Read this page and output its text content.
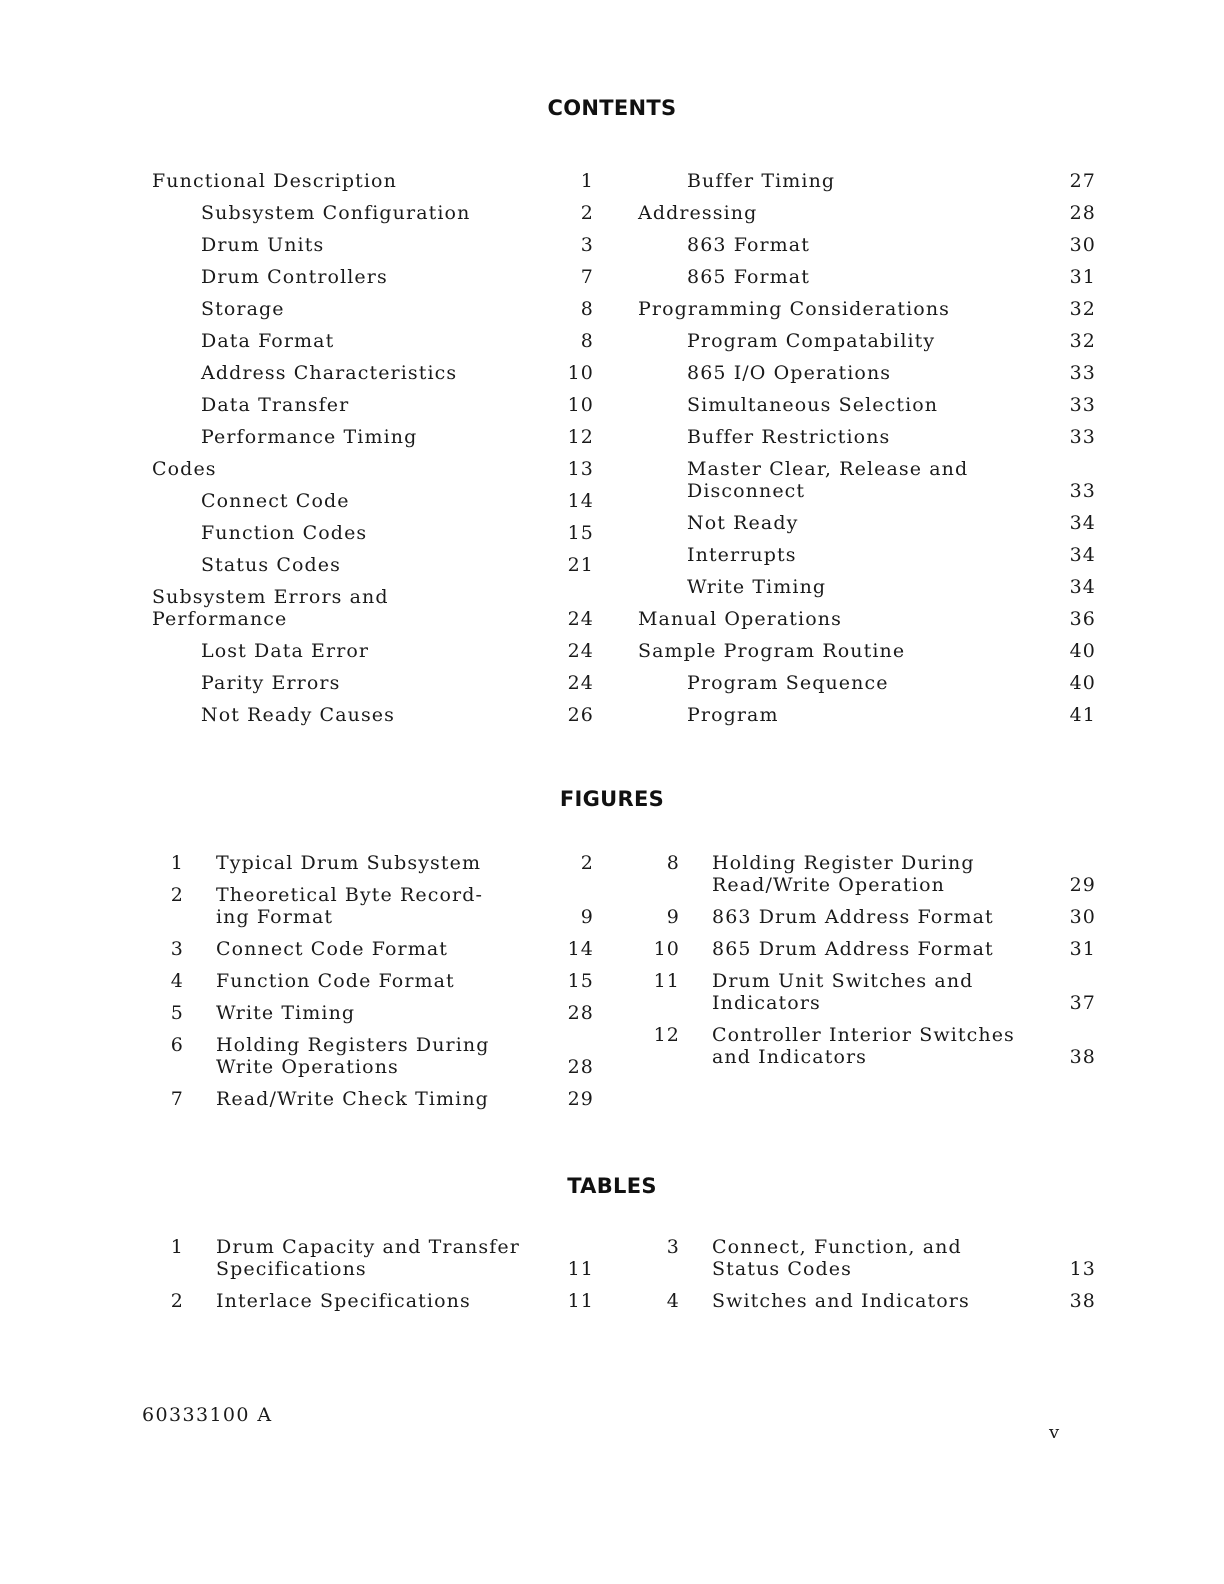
CONTENTS
Functional Description	1
Subsystem Configuration	2
Drum Units	3
Drum Controllers	7
Storage	8
Data Format	8
Address Characteristics	10
Data Transfer	10
Performance Timing	12
Codes	13
Connect Code	14
Function Codes	15
Status Codes	21
Subsystem Errors and
Performance	24
Lost Data Error	24
Parity Errors	24
Not Ready Causes	26
Buffer Timing	27
Addressing	28
863 Format	30
865 Format	31
Programming Considerations	32
Program Compatability	32
865 I/O Operations	33
Simultaneous Selection	33
Buffer Restrictions	33
Master Clear, Release and
Disconnect	33
Not Ready	34
Interrupts	34
Write Timing	34
Manual Operations	36
Sample Program Routine	40
Program Sequence	40
Program	41
FIGURES
1 Typical Drum Subsystem	2
2 Theoretical Byte Record-
ing Format	9
3 Connect Code Format	14
4 Function Code Format	15
5 Write Timing	28
6 Holding Registers During
Write Operations	28
7 Read/Write Check Timing	29
8 Holding Register During
Read/Write Operation	29
9 863 Drum Address Format	30
10 865 Drum Address Format	31
11 Drum Unit Switches and
Indicators	37
12 Controller Interior Switches
and Indicators	38
TABLES
1 Drum Capacity and Transfer
Specifications	11
2 Interlace Specifications	11
3 Connect, Function, and
Status Codes	13
4 Switches and Indicators	38
60333100 A
v
